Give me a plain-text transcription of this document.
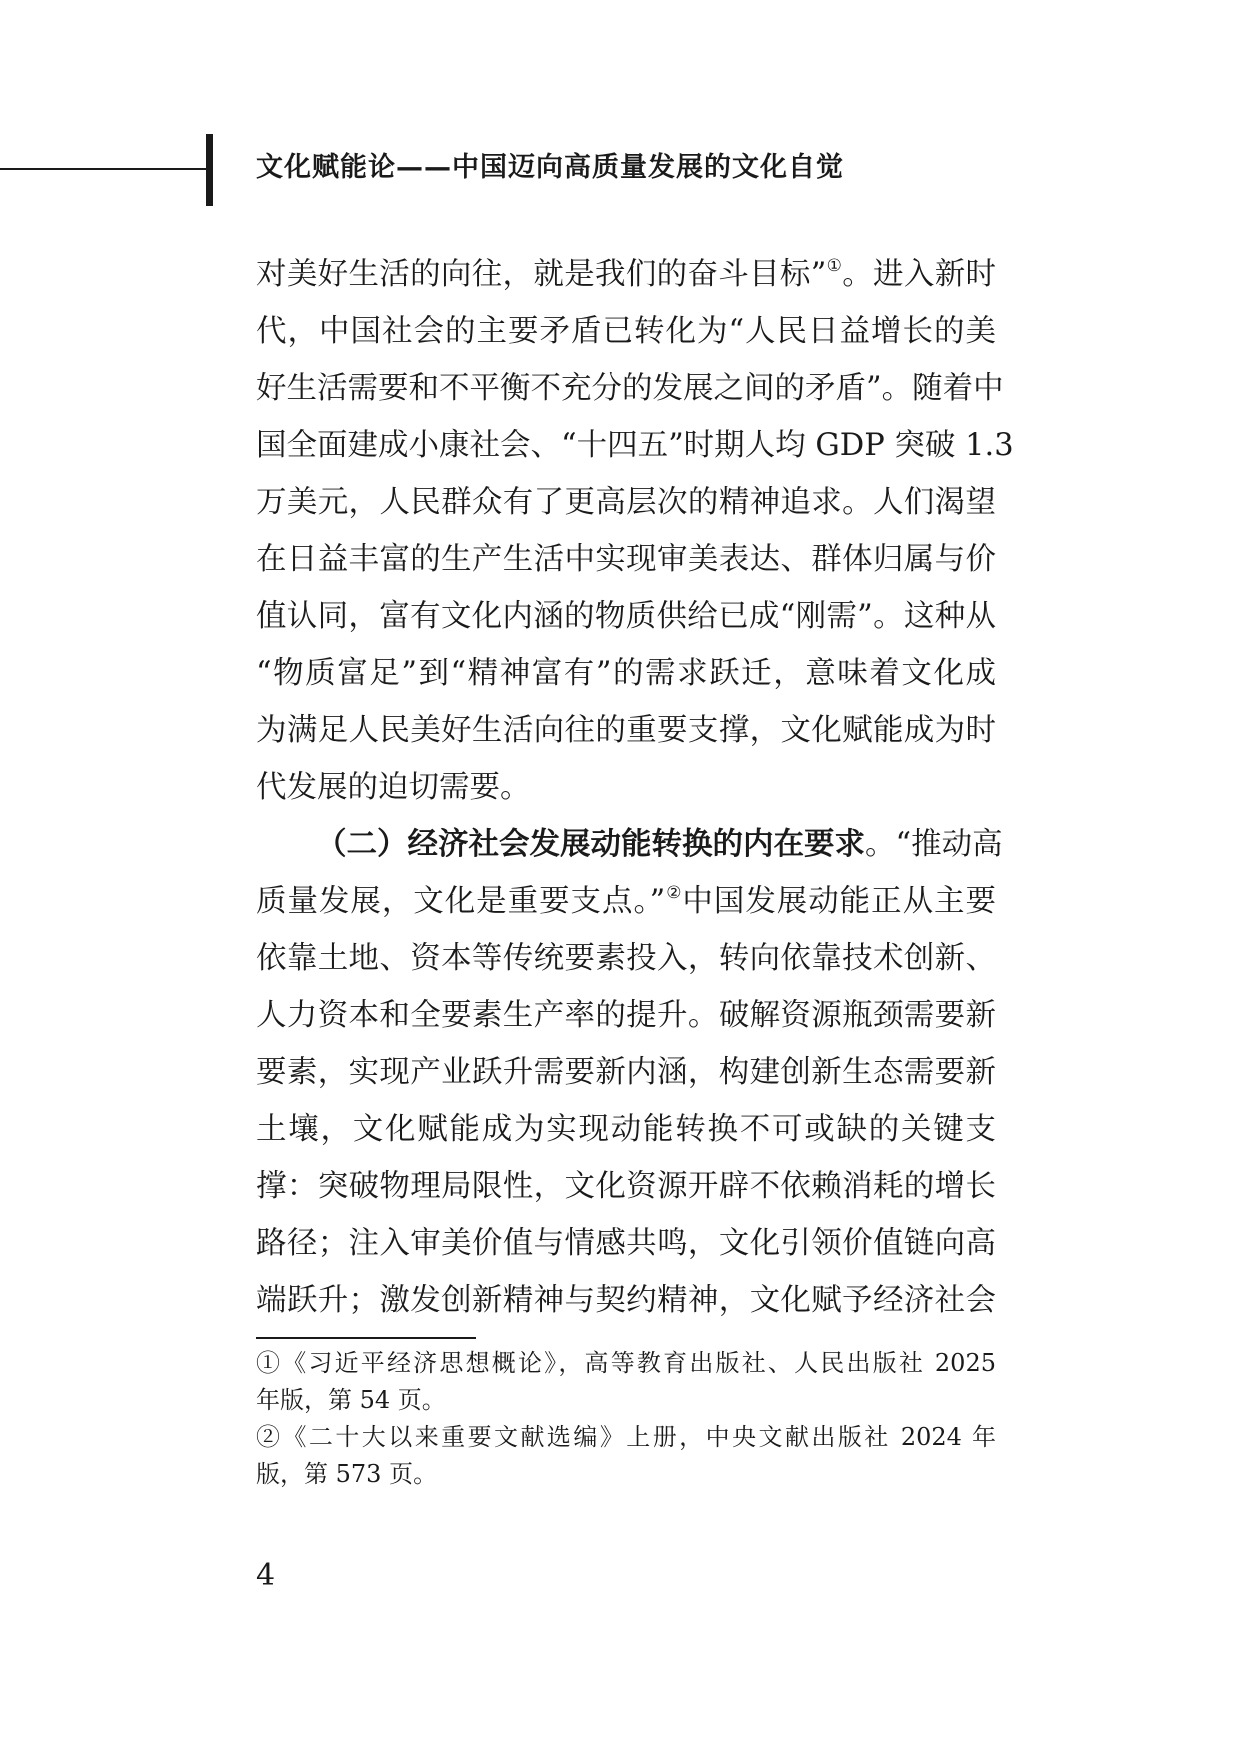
文化赋能论——中国迈向高质量发展的文化自觉
对美好生活的向往，就是我们的奋斗目标”①。进入新时
代，中国社会的主要矛盾已转化为“人民日益增长的美
好生活需要和不平衡不充分的发展之间的矛盾”。随着中
国全面建成小康社会、“十四五”时期人均 GDP 突破 1.3
万美元，人民群众有了更高层次的精神追求。人们渴望
在日益丰富的生产生活中实现审美表达、群体归属与价
值认同，富有文化内涵的物质供给已成“刚需”。这种从
“物质富足”到“精神富有”的需求跃迁，意味着文化成
为满足人民美好生活向往的重要支撑，文化赋能成为时
代发展的迫切需要。
（二）经济社会发展动能转换的内在要求。“推动高
质量发展，文化是重要支点。”②中国发展动能正从主要
依靠土地、资本等传统要素投入，转向依靠技术创新、
人力资本和全要素生产率的提升。破解资源瓶颈需要新
要素，实现产业跃升需要新内涵，构建创新生态需要新
土壤，文化赋能成为实现动能转换不可或缺的关键支
撑：突破物理局限性，文化资源开辟不依赖消耗的增长
路径；注入审美价值与情感共鸣，文化引领价值链向高
端跃升；激发创新精神与契约精神，文化赋予经济社会
①《习近平经济思想概论》，高等教育出版社、人民出版社 2025
年版，第 54 页。
②《二十大以来重要文献选编》上册，中央文献出版社 2024 年
版，第 573 页。
4
